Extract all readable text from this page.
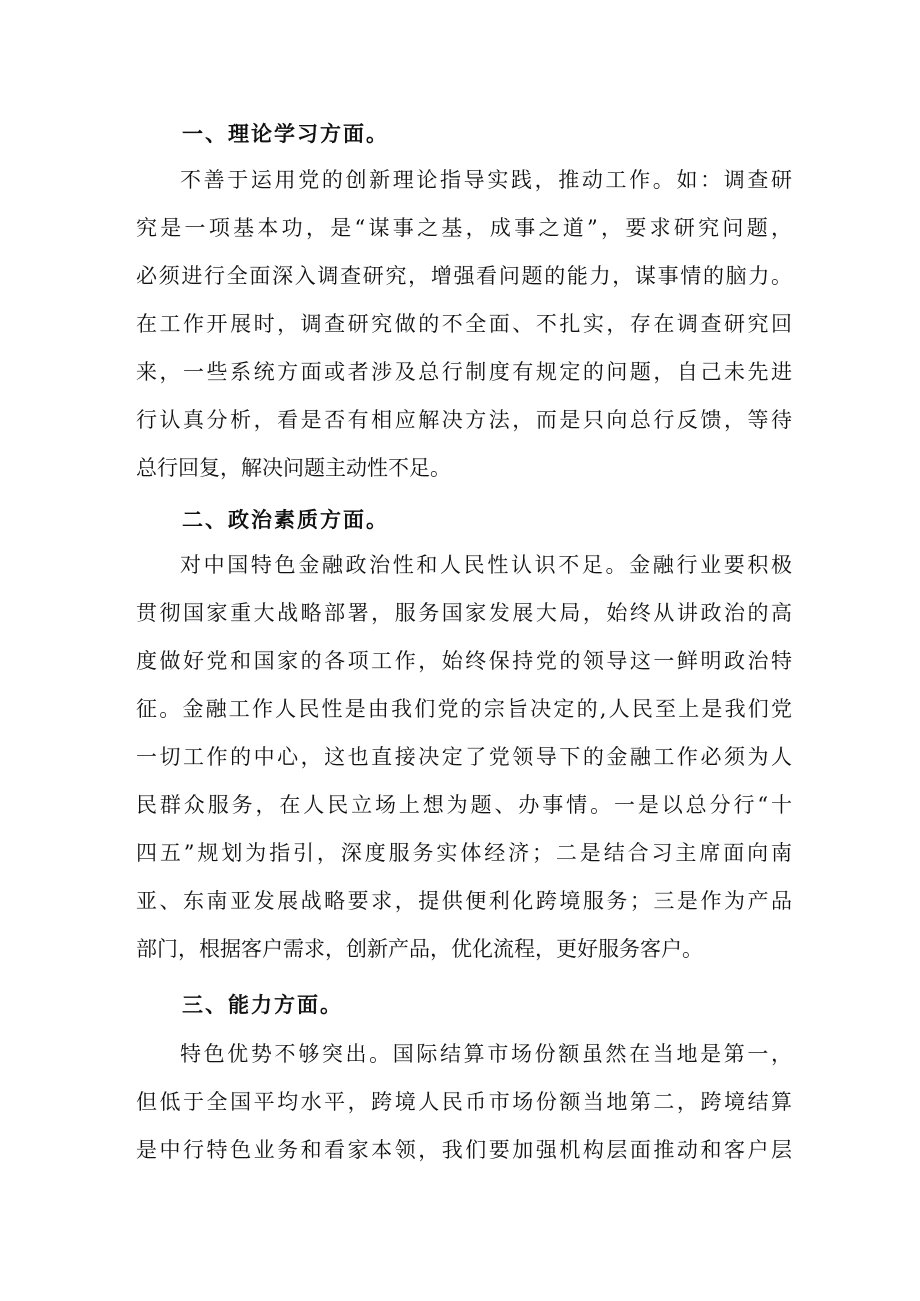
一、理论学习方面。
不善于运用党的创新理论指导实践，推动工作。如：调查研
究是一项基本功，是“谋事之基，成事之道”，要求研究问题，
必须进行全面深入调查研究，增强看问题的能力，谋事情的脑力。
在工作开展时，调查研究做的不全面、不扎实，存在调查研究回
来，一些系统方面或者涉及总行制度有规定的问题，自己未先进
行认真分析，看是否有相应解决方法，而是只向总行反馈，等待
总行回复，解决问题主动性不足。
二、政治素质方面。
对中国特色金融政治性和人民性认识不足。金融行业要积极
贯彻国家重大战略部署，服务国家发展大局，始终从讲政治的高
度做好党和国家的各项工作，始终保持党的领导这一鲜明政治特
征。金融工作人民性是由我们党的宗旨决定的,人民至上是我们党
一切工作的中心，这也直接决定了党领导下的金融工作必须为人
民群众服务，在人民立场上想为题、办事情。一是以总分行“十
四五”规划为指引，深度服务实体经济；二是结合习主席面向南
亚、东南亚发展战略要求，提供便利化跨境服务；三是作为产品
部门，根据客户需求，创新产品，优化流程，更好服务客户。
三、能力方面。
特色优势不够突出。国际结算市场份额虽然在当地是第一，
但低于全国平均水平，跨境人民币市场份额当地第二，跨境结算
是中行特色业务和看家本领，我们要加强机构层面推动和客户层
